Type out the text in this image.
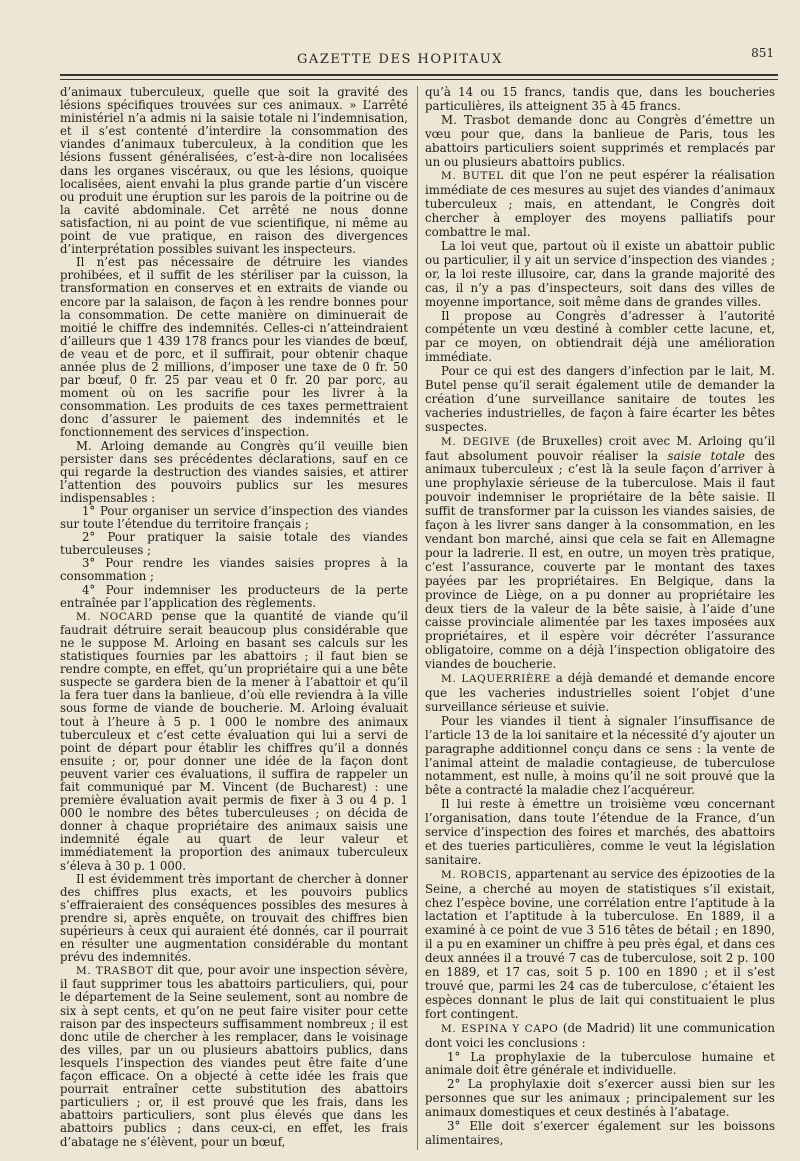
GAZETTE DES HOPITAUX	851

d’animaux tuberculeux, quelle que soit la gravité des lésions spécifiques trouvées sur ces animaux. » L’arrêté ministériel n’a admis ni la saisie totale ni l’indemnisation, et il s’est contenté d’interdire la consommation des viandes d’animaux tuberculeux, à la condition que les lésions fussent généralisées, c’est-à-dire non localisées dans les organes viscéraux, ou que les lésions, quoique localisées, aient envahi la plus grande partie d’un viscère ou produit une éruption sur les parois de la poitrine ou de la cavité abdominale. Cet arrêté ne nous donne satisfaction, ni au point de vue scientifique, ni même au point de vue pratique, en raison des divergences d’interprétation possibles suivant les inspecteurs.

Il n’est pas nécessaire de détruire les viandes prohibées, et il suffit de les stériliser par la cuisson, la transformation en conserves et en extraits de viande ou encore par la salaison, de façon à les rendre bonnes pour la consommation. De cette manière on diminuerait de moitié le chiffre des indemnités. Celles-ci n’atteindraient d’ailleurs que 1 439 178 francs pour les viandes de bœuf, de veau et de porc, et il suffirait, pour obtenir chaque année plus de 2 millions, d’imposer une taxe de 0 fr. 50 par bœuf, 0 fr. 25 par veau et 0 fr. 20 par porc, au moment où on les sacrifie pour les livrer à la consommation. Les produits de ces taxes permettraient donc d’assurer le paiement des indemnités et le fonctionnement des services d’inspection.

M. Arloing demande au Congrès qu’il veuille bien persister dans ses précédentes déclarations, sauf en ce qui regarde la destruction des viandes saisies, et attirer l’attention des pouvoirs publics sur les mesures indispensables :

1° Pour organiser un service d’inspection des viandes sur toute l’étendue du territoire français ;

2° Pour pratiquer la saisie totale des viandes tuberculeuses ;

3° Pour rendre les viandes saisies propres à la consommation ;

4° Pour indemniser les producteurs de la perte entraînée par l’application des règlements.

M. NOCARD pense que la quantité de viande qu’il faudrait détruire serait beaucoup plus considérable que ne le suppose M. Arloing en basant ses calculs sur les statistiques fournies par les abattoirs ; il faut bien se rendre compte, en effet, qu’un propriétaire qui a une bête suspecte se gardera bien de la mener à l’abattoir et qu’il la fera tuer dans la banlieue, d’où elle reviendra à la ville sous forme de viande de boucherie. M. Arloing évaluait tout à l’heure à 5 p. 1 000 le nombre des animaux tuberculeux et c’est cette évaluation qui lui a servi de point de départ pour établir les chiffres qu’il a donnés ensuite ; or, pour donner une idée de la façon dont peuvent varier ces évaluations, il suffira de rappeler un fait communiqué par M. Vincent (de Bucharest) : une première évaluation avait permis de fixer à 3 ou 4 p. 1 000 le nombre des bêtes tuberculeuses ; on décida de donner à chaque propriétaire des animaux saisis une indemnité égale au quart de leur valeur et immédiatement la proportion des animaux tuberculeux s’éleva à 30 p. 1 000.

Il est évidemment très important de chercher à donner des chiffres plus exacts, et les pouvoirs publics s’effraieraient des conséquences possibles des mesures à prendre si, après enquête, on trouvait des chiffres bien supérieurs à ceux qui auraient été donnés, car il pourrait en résulter une augmentation considérable du montant prévu des indemnités.

M. TRASBOT dit que, pour avoir une inspection sévère, il faut supprimer tous les abattoirs particuliers, qui, pour le département de la Seine seulement, sont au nombre de six à sept cents, et qu’on ne peut faire visiter pour cette raison par des inspecteurs suffisamment nombreux ; il est donc utile de chercher à les remplacer, dans le voisinage des villes, par un ou plusieurs abattoirs publics, dans lesquels l’inspection des viandes peut être faite d’une façon efficace. On a objecté à cette idée les frais que pourrait entraîner cette substitution des abattoirs particuliers ; or, il est prouvé que les frais, dans les abattoirs particuliers, sont plus élevés que dans les abattoirs publics ; dans ceux-ci, en effet, les frais d’abatage ne s’élèvent, pour un bœuf,

qu’à 14 ou 15 francs, tandis que, dans les boucheries particulières, ils atteignent 35 à 45 francs.

M. Trasbot demande donc au Congrès d’émettre un vœu pour que, dans la banlieue de Paris, tous les abattoirs particuliers soient supprimés et remplacés par un ou plusieurs abattoirs publics.

M. BUTEL dit que l’on ne peut espérer la réalisation immédiate de ces mesures au sujet des viandes d’animaux tuberculeux ; mais, en attendant, le Congrès doit chercher à employer des moyens palliatifs pour combattre le mal.

La loi veut que, partout où il existe un abattoir public ou particulier, il y ait un service d’inspection des viandes ; or, la loi reste illusoire, car, dans la grande majorité des cas, il n’y a pas d’inspecteurs, soit dans des villes de moyenne importance, soit même dans de grandes villes.

Il propose au Congrès d’adresser à l’autorité compétente un vœu destiné à combler cette lacune, et, par ce moyen, on obtiendrait déjà une amélioration immédiate.

Pour ce qui est des dangers d’infection par le lait, M. Butel pense qu’il serait également utile de demander la création d’une surveillance sanitaire de toutes les vacheries industrielles, de façon à faire écarter les bêtes suspectes.

M. DEGIVE (de Bruxelles) croit avec M. Arloing qu’il faut absolument pouvoir réaliser la saisie totale des animaux tuberculeux ; c’est là la seule façon d’arriver à une prophylaxie sérieuse de la tuberculose. Mais il faut pouvoir indemniser le propriétaire de la bête saisie. Il suffit de transformer par la cuisson les viandes saisies, de façon à les livrer sans danger à la consommation, en les vendant bon marché, ainsi que cela se fait en Allemagne pour la ladrerie. Il est, en outre, un moyen très pratique, c’est l’assurance, couverte par le montant des taxes payées par les propriétaires. En Belgique, dans la province de Liège, on a pu donner au propriétaire les deux tiers de la valeur de la bête saisie, à l’aide d’une caisse provinciale alimentée par les taxes imposées aux propriétaires, et il espère voir décréter l’assurance obligatoire, comme on a déjà l’inspection obligatoire des viandes de boucherie.

M. LAQUERRIÈRE a déjà demandé et demande encore que les vacheries industrielles soient l’objet d’une surveillance sérieuse et suivie.

Pour les viandes il tient à signaler l’insuffisance de l’article 13 de la loi sanitaire et la nécessité d’y ajouter un paragraphe additionnel conçu dans ce sens : la vente de l’animal atteint de maladie contagieuse, de tuberculose notamment, est nulle, à moins qu’il ne soit prouvé que la bête a contracté la maladie chez l’acquéreur.

Il lui reste à émettre un troisième vœu concernant l’organisation, dans toute l’étendue de la France, d’un service d’inspection des foires et marchés, des abattoirs et des tueries particulières, comme le veut la législation sanitaire.

M. ROBCIS, appartenant au service des épizooties de la Seine, a cherché au moyen de statistiques s’il existait, chez l’espèce bovine, une corrélation entre l’aptitude à la lactation et l’aptitude à la tuberculose. En 1889, il a examiné à ce point de vue 3 516 têtes de bétail ; en 1890, il a pu en examiner un chiffre à peu près égal, et dans ces deux années il a trouvé 7 cas de tuberculose, soit 2 p. 100 en 1889, et 17 cas, soit 5 p. 100 en 1890 ; et il s’est trouvé que, parmi les 24 cas de tuberculose, c’étaient les espèces donnant le plus de lait qui constituaient le plus fort contingent.

M. ESPINA Y CAPO (de Madrid) lit une communication dont voici les conclusions :

1° La prophylaxie de la tuberculose humaine et animale doit être générale et individuelle.

2° La prophylaxie doit s’exercer aussi bien sur les personnes que sur les animaux ; principalement sur les animaux domestiques et ceux destinés à l’abatage.

3° Elle doit s’exercer également sur les boissons alimentaires,
